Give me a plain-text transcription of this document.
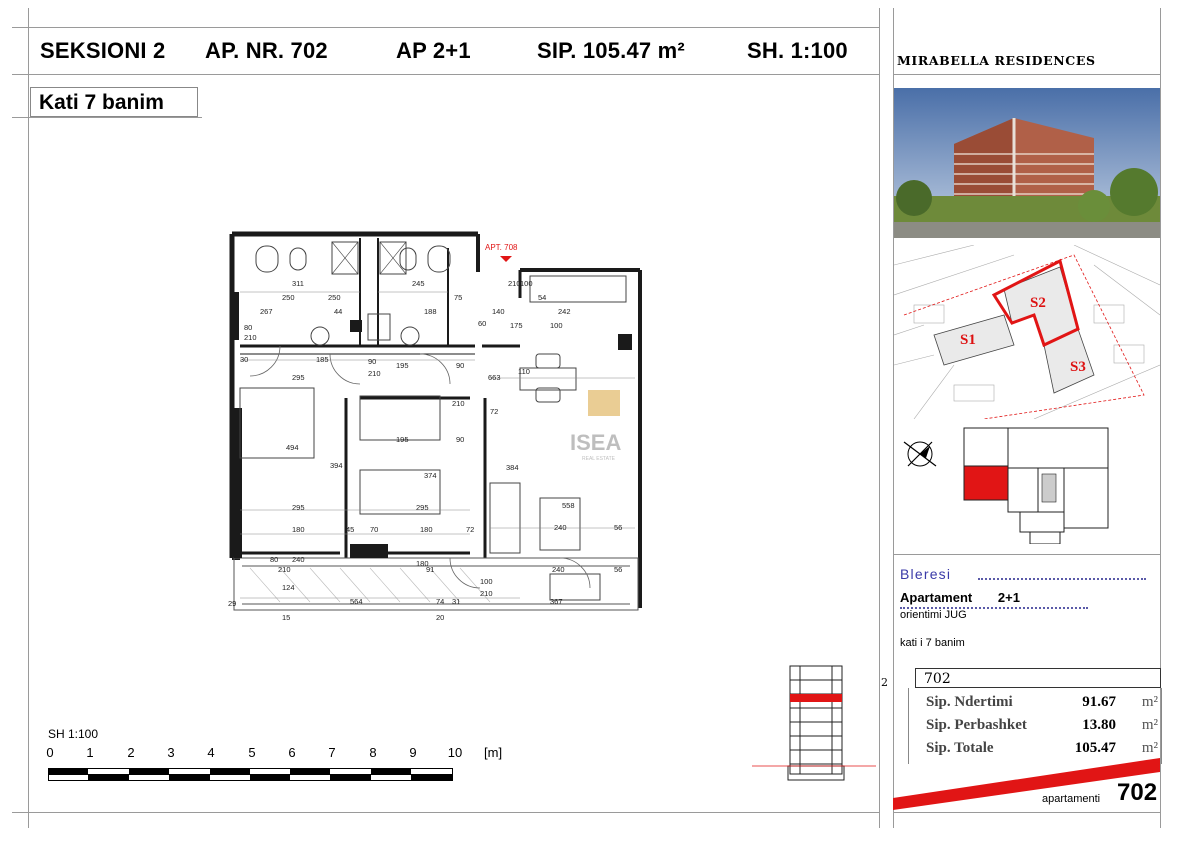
SEKSIONI 2 AP. NR. 702	AP 2+1	SIP. 105.47 m²	SH. 1:100
Kati 7 banim
APT. 708
311	245
250	250
267	44	188
75
140
210 100
54
242
80
210
175	100
185	90
210
195	90
663
295
110
72
210
90
195
494
394
374
384
295	295	558
240
180	45 70	180	72	56
240
180
91
100
210
240
56
124
564	367
74
29	31
15	20
80
210
30
60
ISEA
REAL ESTATE
SH 1:100
0	1	2	3	4	5	6	7	8	9 10 [m]
MIRABELLA RESIDENCES
S1
S2
S3
Bleresi
Apartament 2+1
orientimi JUG
kati i 7 banim
2	702
Sip. Ndertimi	91.67 m²
Sip. Perbashket	13.80 m²
Sip. Totale	105.47 m²
apartamenti 702
